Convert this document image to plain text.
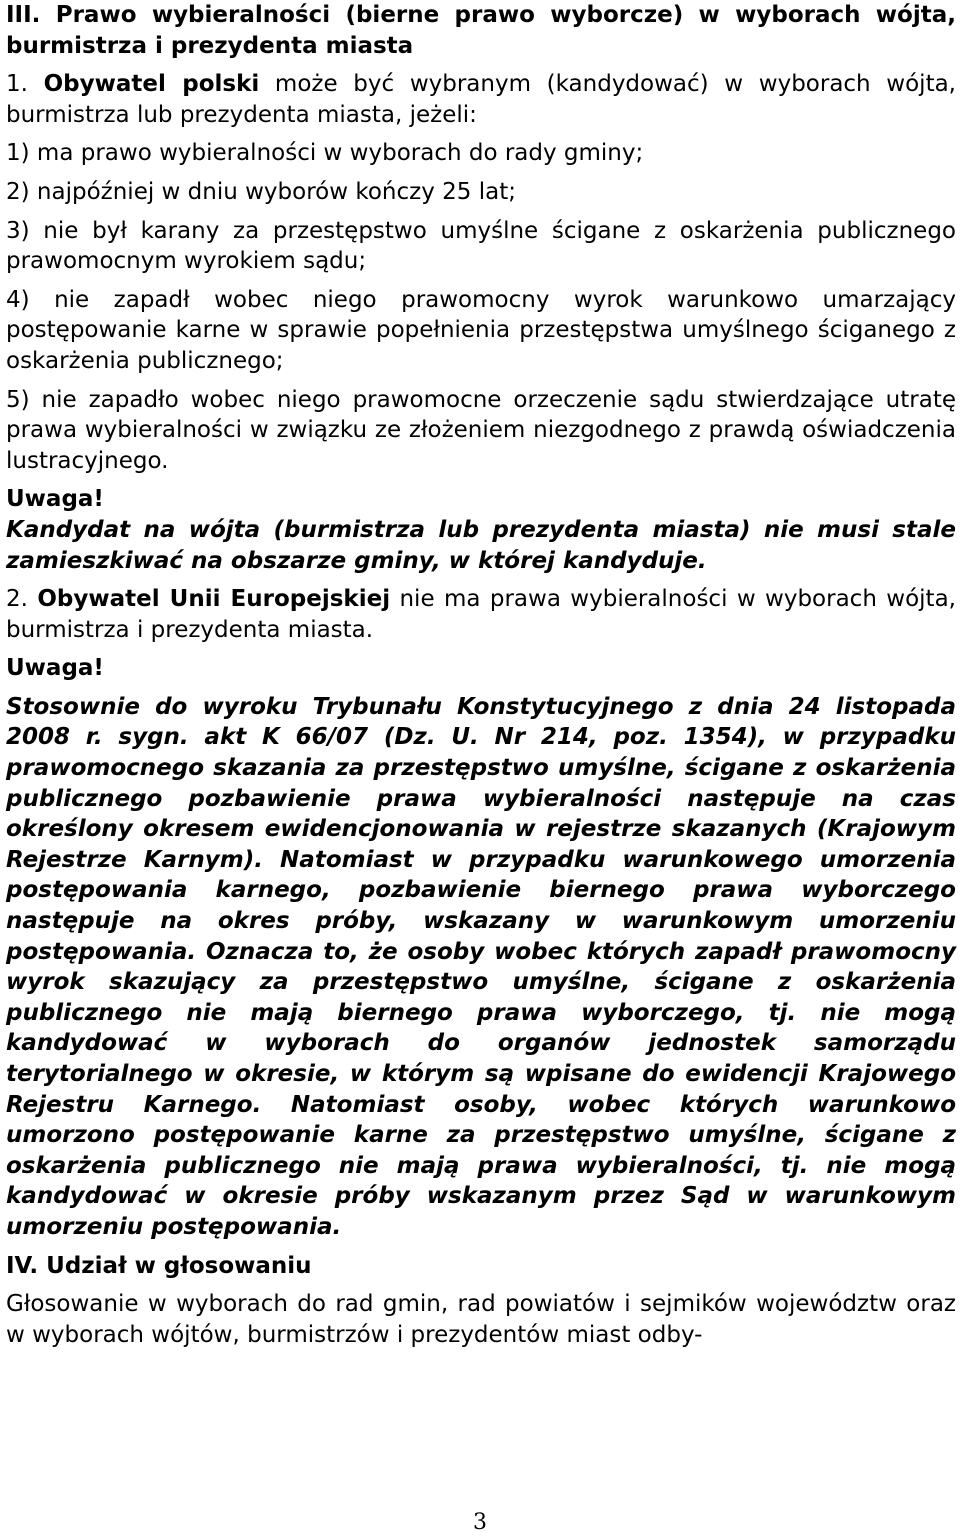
III. Prawo wybieralności (bierne prawo wyborcze) w wyborach wójta, burmistrza i prezydenta miasta

1. Obywatel polski może być wybranym (kandydować) w wyborach wójta, burmistrza lub prezydenta miasta, jeżeli:

1) ma prawo wybieralności w wyborach do rady gminy;

2) najpóźniej w dniu wyborów kończy 25 lat;

3) nie był karany za przestępstwo umyślne ścigane z oskarżenia publicznego prawomocnym wyrokiem sądu;

4) nie zapadł wobec niego prawomocny wyrok warunkowo umarzający postępowanie karne w sprawie popełnienia przestępstwa umyślnego ściganego z oskarżenia publicznego;

5) nie zapadło wobec niego prawomocne orzeczenie sądu stwierdzające utratę prawa wybieralności w związku ze złożeniem niezgodnego z prawdą oświadczenia lustracyjnego.

Uwaga!

Kandydat na wójta (burmistrza lub prezydenta miasta) nie musi stale zamieszkiwać na obszarze gminy, w której kandyduje.

2. Obywatel Unii Europejskiej nie ma prawa wybieralności w wyborach wójta, burmistrza i prezydenta miasta.

Uwaga!

Stosownie do wyroku Trybunału Konstytucyjnego z dnia 24 listopada 2008 r. sygn. akt K 66/07 (Dz. U. Nr 214, poz. 1354), w przypadku prawomocnego skazania za przestępstwo umyślne, ścigane z oskarżenia publicznego pozbawienie prawa wybieralności następuje na czas określony okresem ewidencjonowania w rejestrze skazanych (Krajowym Rejestrze Karnym). Natomiast w przypadku warunkowego umorzenia postępowania karnego, pozbawienie biernego prawa wyborczego następuje na okres próby, wskazany w warunkowym umorzeniu postępowania. Oznacza to, że osoby wobec których zapadł prawomocny wyrok skazujący za przestępstwo umyślne, ścigane z oskarżenia publicznego nie mają biernego prawa wyborczego, tj. nie mogą kandydować w wyborach do organów jednostek samorządu terytorialnego w okresie, w którym są wpisane do ewidencji Krajowego Rejestru Karnego. Natomiast osoby, wobec których warunkowo umorzono postępowanie karne za przestępstwo umyślne, ścigane z oskarżenia publicznego nie mają prawa wybieralności, tj. nie mogą kandydować w okresie próby wskazanym przez Sąd w warunkowym umorzeniu postępowania.

IV. Udział w głosowaniu

Głosowanie w wyborach do rad gmin, rad powiatów i sejmików województw oraz w wyborach wójtów, burmistrzów i prezydentów miast odby-

3
